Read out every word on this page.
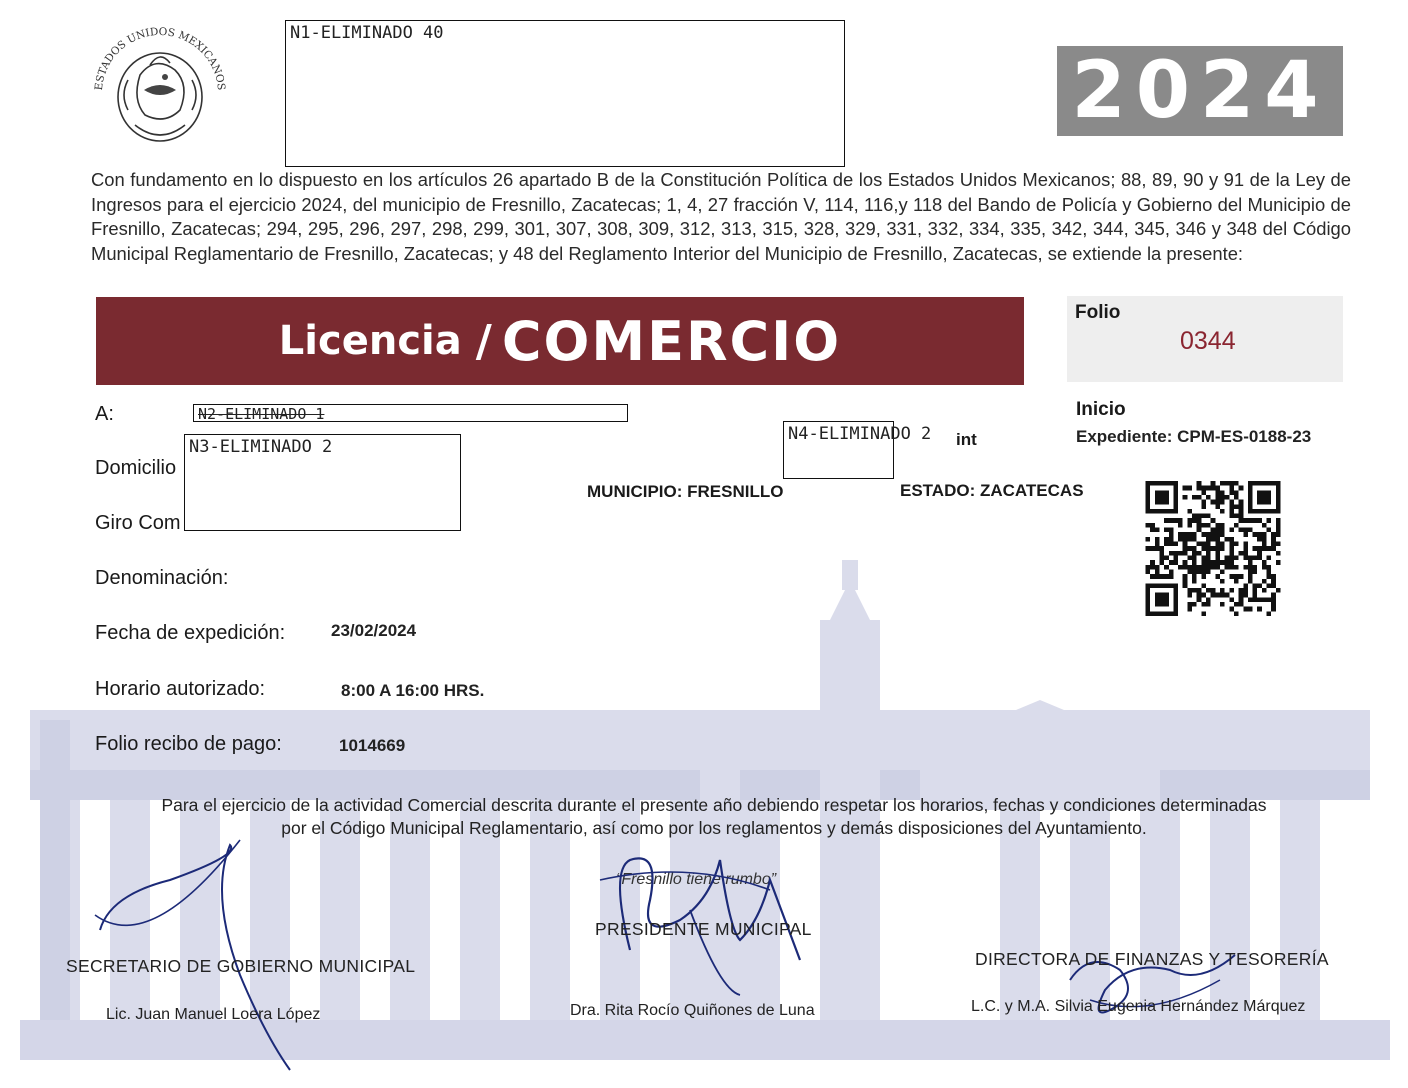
ESTADOS UNIDOS MEXICANOS
N1-ELIMINADO 40
2024
Con fundamento en lo dispuesto en los artículos 26 apartado B de la Constitución Política de los Estados Unidos Mexicanos; 88, 89, 90 y 91 de la Ley de Ingresos para el ejercicio 2024, del municipio de Fresnillo, Zacatecas; 1, 4, 27 fracción V, 114, 116,y 118 del Bando de Policía y Gobierno del Municipio de Fresnillo, Zacatecas; 294, 295, 296, 297, 298, 299, 301, 307, 308, 309, 312, 313, 315, 328, 329, 331, 332, 334, 335, 342, 344, 345, 346 y 348 del Código Municipal Reglamentario de Fresnillo, Zacatecas; y 48 del Reglamento Interior del Municipio de Fresnillo, Zacatecas, se extiende la presente:
Licencia / COMERCIO	Folio
0344
Inicio
Expediente: CPM-ES-0188-23
A:	N2-ELIMINADO 1
Domicilio
N3-ELIMINADO 2
N4-ELIMINADO 2 int
MUNICIPIO: FRESNILLO	ESTADO: ZACATECAS
Giro Com
Denominación:
Fecha de expedición:	23/02/2024
Horario autorizado:	8:00 A 16:00 HRS.
Folio recibo de pago:	1014669
Para el ejercicio de la actividad Comercial descrita durante el presente año debiendo respetar los horarios, fechas y condiciones determinadas
por el Código Municipal Reglamentario, así como por los reglamentos y demás disposiciones del Ayuntamiento.
“Fresnillo tiene rumbo”
PRESIDENTE MUNICIPAL
SECRETARIO DE GOBIERNO MUNICIPAL	DIRECTORA DE FINANZAS Y TESORERÍA
Lic. Juan Manuel Loera López	Dra. Rita Rocío Quiñones de Luna	L.C. y M.A. Silvia Eugenia Hernández Márquez
